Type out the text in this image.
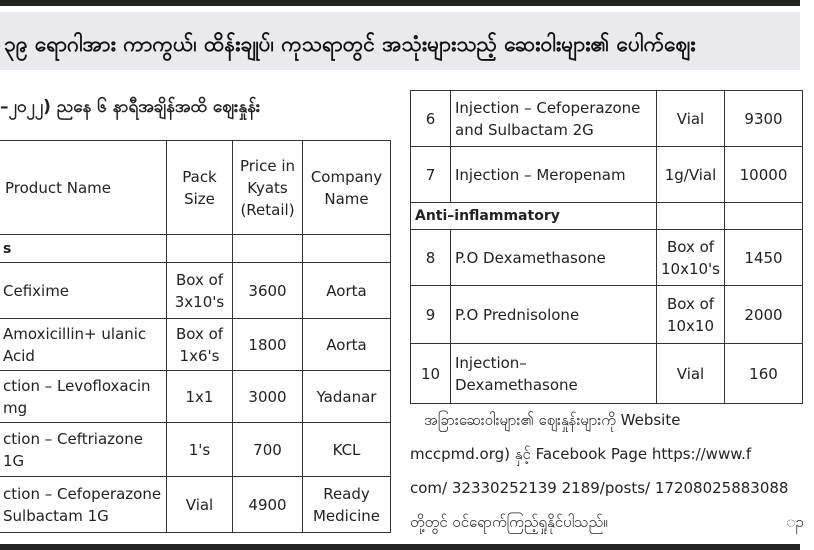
၃၉ ရောဂါအား ကာကွယ်၊ ထိန်းချုပ်၊ ကုသရာတွင် အသုံးများသည့် ဆေးဝါးများ၏ ပေါက်ဈေး
–၂၀၂၂) ညနေ ၆ နာရီအချိန်အထိ ဈေးနှုန်း
Product Name	Pack Size	Price in Kyats (Retail)	Company Name
s			
Cefixime	Box of 3x10's	3600	Aorta
Amoxicillin+ ulanic Acid	Box of 1x6's	1800	Aorta
ction – Levofloxacin mg	1x1	3000	Yadanar
ction – Ceftriazone 1G	1's	700	KCL
ction – Cefoperazone Sulbactam 1G	Vial	4900	Ready Medicine
6	Injection – Cefoperazone and Sulbactam 2G	Vial	9300
7	Injection – Meropenam	1g/Vial	10000
Anti–inflammatory			
8	P.O Dexamethasone	Box of 10x10's	1450
9	P.O Prednisolone	Box of 10x10	2000
10	Injection– Dexamethasone	Vial	160
အခြားဆေးဝါးများ၏ ဈေးနှုန်းများကို Website
mccpmd.org) နှင့် Facebook Page https://www.f
com/ 32330252139 2189/posts/ 17208025883088
တို့တွင် ဝင်ရောက်ကြည့်ရှုနိုင်ပါသည်။	ၣ
